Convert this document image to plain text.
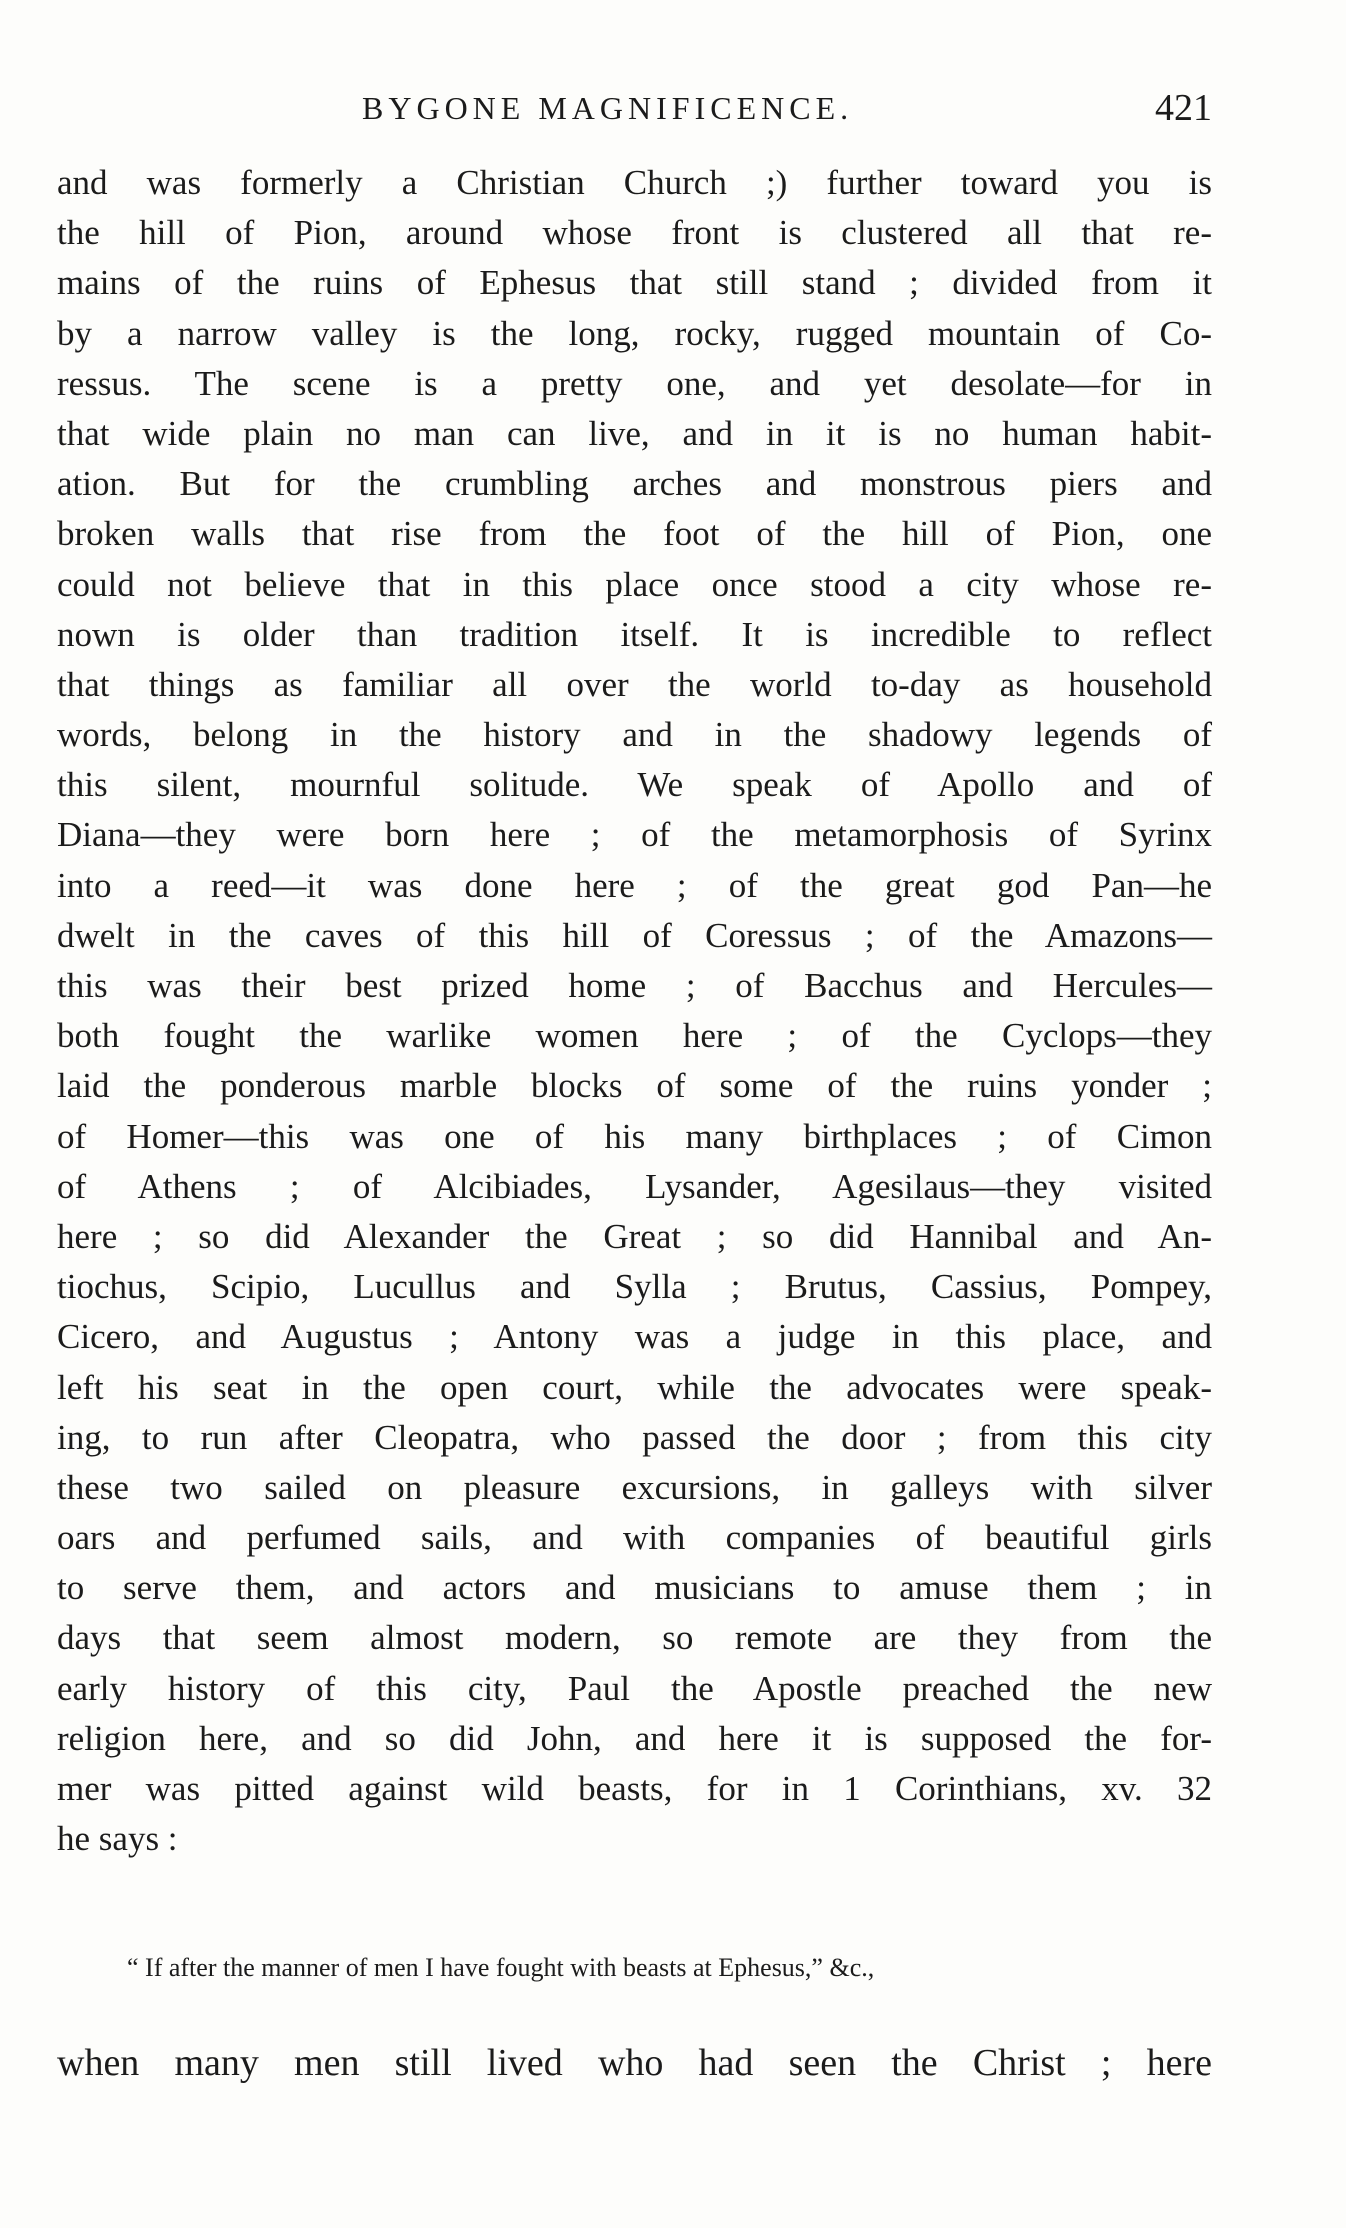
BYGONE MAGNIFICENCE.	421
and was formerly a Christian Church ;) further toward you is
the hill of Pion, around whose front is clustered all that re-
mains of the ruins of Ephesus that still stand ; divided from it
by a narrow valley is the long, rocky, rugged mountain of Co-
ressus. The scene is a pretty one, and yet desolate—for in
that wide plain no man can live, and in it is no human habit-
ation. But for the crumbling arches and monstrous piers and
broken walls that rise from the foot of the hill of Pion, one
could not believe that in this place once stood a city whose re-
nown is older than tradition itself. It is incredible to reflect
that things as familiar all over the world to-day as household
words, belong in the history and in the shadowy legends of
this silent, mournful solitude. We speak of Apollo and of
Diana—they were born here ; of the metamorphosis of Syrinx
into a reed—it was done here ; of the great god Pan—he
dwelt in the caves of this hill of Coressus ; of the Amazons—
this was their best prized home ; of Bacchus and Hercules—
both fought the warlike women here ; of the Cyclops—they
laid the ponderous marble blocks of some of the ruins yonder ;
of Homer—this was one of his many birthplaces ; of Cimon
of Athens ; of Alcibiades, Lysander, Agesilaus—they visited
here ; so did Alexander the Great ; so did Hannibal and An-
tiochus, Scipio, Lucullus and Sylla ; Brutus, Cassius, Pompey,
Cicero, and Augustus ; Antony was a judge in this place, and
left his seat in the open court, while the advocates were speak-
ing, to run after Cleopatra, who passed the door ; from this city
these two sailed on pleasure excursions, in galleys with silver
oars and perfumed sails, and with companies of beautiful girls
to serve them, and actors and musicians to amuse them ; in
days that seem almost modern, so remote are they from the
early history of this city, Paul the Apostle preached the new
religion here, and so did John, and here it is supposed the for-
mer was pitted against wild beasts, for in 1 Corinthians, xv. 32
he says :
“ If after the manner of men I have fought with beasts at Ephesus,” &c.,
when many men still lived who had seen the Christ ; here
